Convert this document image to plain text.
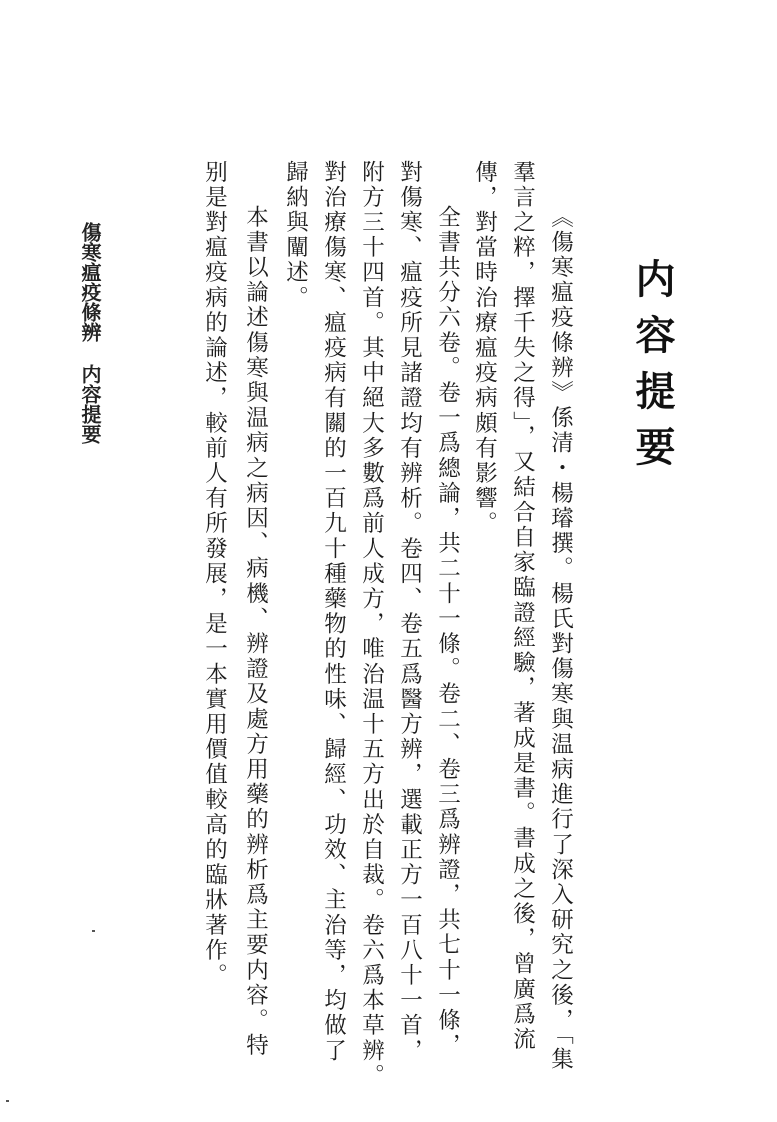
内容提要
《傷寒瘟疫條辨》係清・楊璿撰。楊氏對傷寒與温病進行了深入研究之後，「集
羣言之粹，擇千失之得」，又結合自家臨證經驗，著成是書。書成之後，曾廣爲流
傳，對當時治療瘟疫病頗有影響。
全書共分六卷。卷一爲總論，共二十一條。卷二、卷三爲辨證，共七十一條，
對傷寒、瘟疫所見諸證均有辨析。卷四、卷五爲醫方辨，選載正方一百八十一首，
附方三十四首。其中絕大多數爲前人成方，唯治温十五方出於自裁。卷六爲本草辨。
對治療傷寒、瘟疫病有關的一百九十種藥物的性味、歸經、功效、主治等，均做了
歸納與闡述。
本書以論述傷寒與温病之病因、病機、辨證及處方用藥的辨析爲主要内容。特
别是對瘟疫病的論述，較前人有所發展，是一本實用價值較高的臨牀著作。
傷寒瘟疫條辨内容提要
